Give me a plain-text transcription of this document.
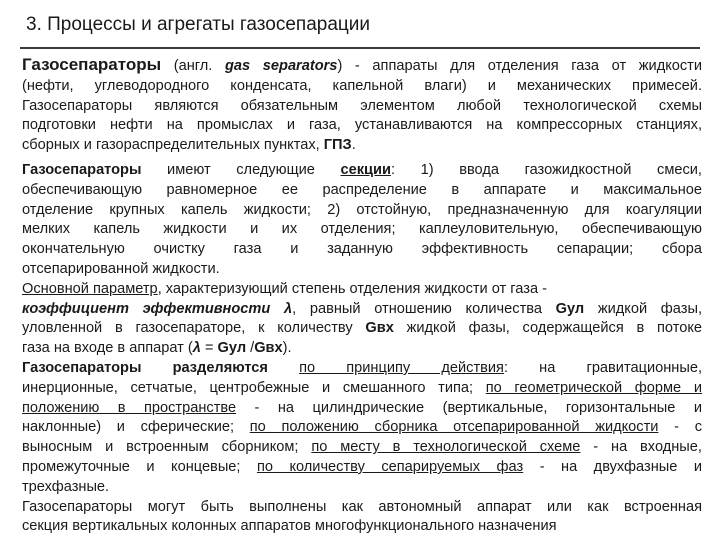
3. Процессы и агрегаты газосепарации
Газосепараторы (англ. gas separators) - аппараты для отделения газа от жидкости
(нефти, углеводородного конденсата, капельной влаги) и механических примесей.
Газосепараторы являются обязательным элементом любой технологической схемы
подготовки нефти на промыслах и газа, устанавливаются на компрессорных станциях,
сборных и газораспределительных пунктах, ГПЗ.
Газосепараторы имеют следующие секции: 1) ввода газожидкостной смеси,
обеспечивающую равномерное ее распределение в аппарате и максимальное
отделение крупных капель жидкости; 2) отстойную, предназначенную для коагуляции
мелких капель жидкости и их отделения; каплеуловительную, обеспечивающую
окончательную очистку газа и заданную эффективность сепарации; сбора
отсепарированной жидкости.
Основной параметр, характеризующий степень отделения жидкости от газа -
коэффициент эффективности λ, равный отношению количества Gул жидкой фазы,
уловленной в газосепараторе, к количеству Gвх жидкой фазы, содержащейся в потоке
газа на входе в аппарат (λ = Gул /Gвх).
Газосепараторы разделяются по принципу действия: на гравитационные,
инерционные, сетчатые, центробежные и смешанного типа; по геометрической форме и
положению в пространстве - на цилиндрические (вертикальные, горизонтальные и
наклонные) и сферические; по положению сборника отсепарированной жидкости - с
выносным и встроенным сборником; по месту в технологической схеме - на входные,
промежуточные и концевые; по количеству сепарируемых фаз - на двухфазные и
трехфазные.
Газосепараторы могут быть выполнены как автономный аппарат или как встроенная
секция вертикальных колонных аппаратов многофункционального назначения
